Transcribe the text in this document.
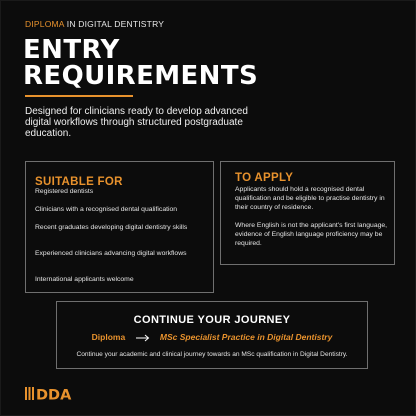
DIPLOMA IN DIGITAL DENTISTRY
ENTRY
REQUIREMENTS
Designed for clinicians ready to develop advanced digital workflows through structured postgraduate education.
SUITABLE FOR
Registered dentists
Clinicians with a recognised dental qualification
Recent graduates developing digital dentistry skills
Experienced clinicians advancing digital workflows
International applicants welcome
TO APPLY
Applicants should hold a recognised dental qualification and be eligible to practise dentistry in their country of residence.
Where English is not the applicant's first language, evidence of English language proficiency may be required.
CONTINUE YOUR JOURNEY
Diploma	MSc Specialist Practice in Digital Dentistry
Continue your academic and clinical journey towards an MSc qualification in Digital Dentistry.
DDA
